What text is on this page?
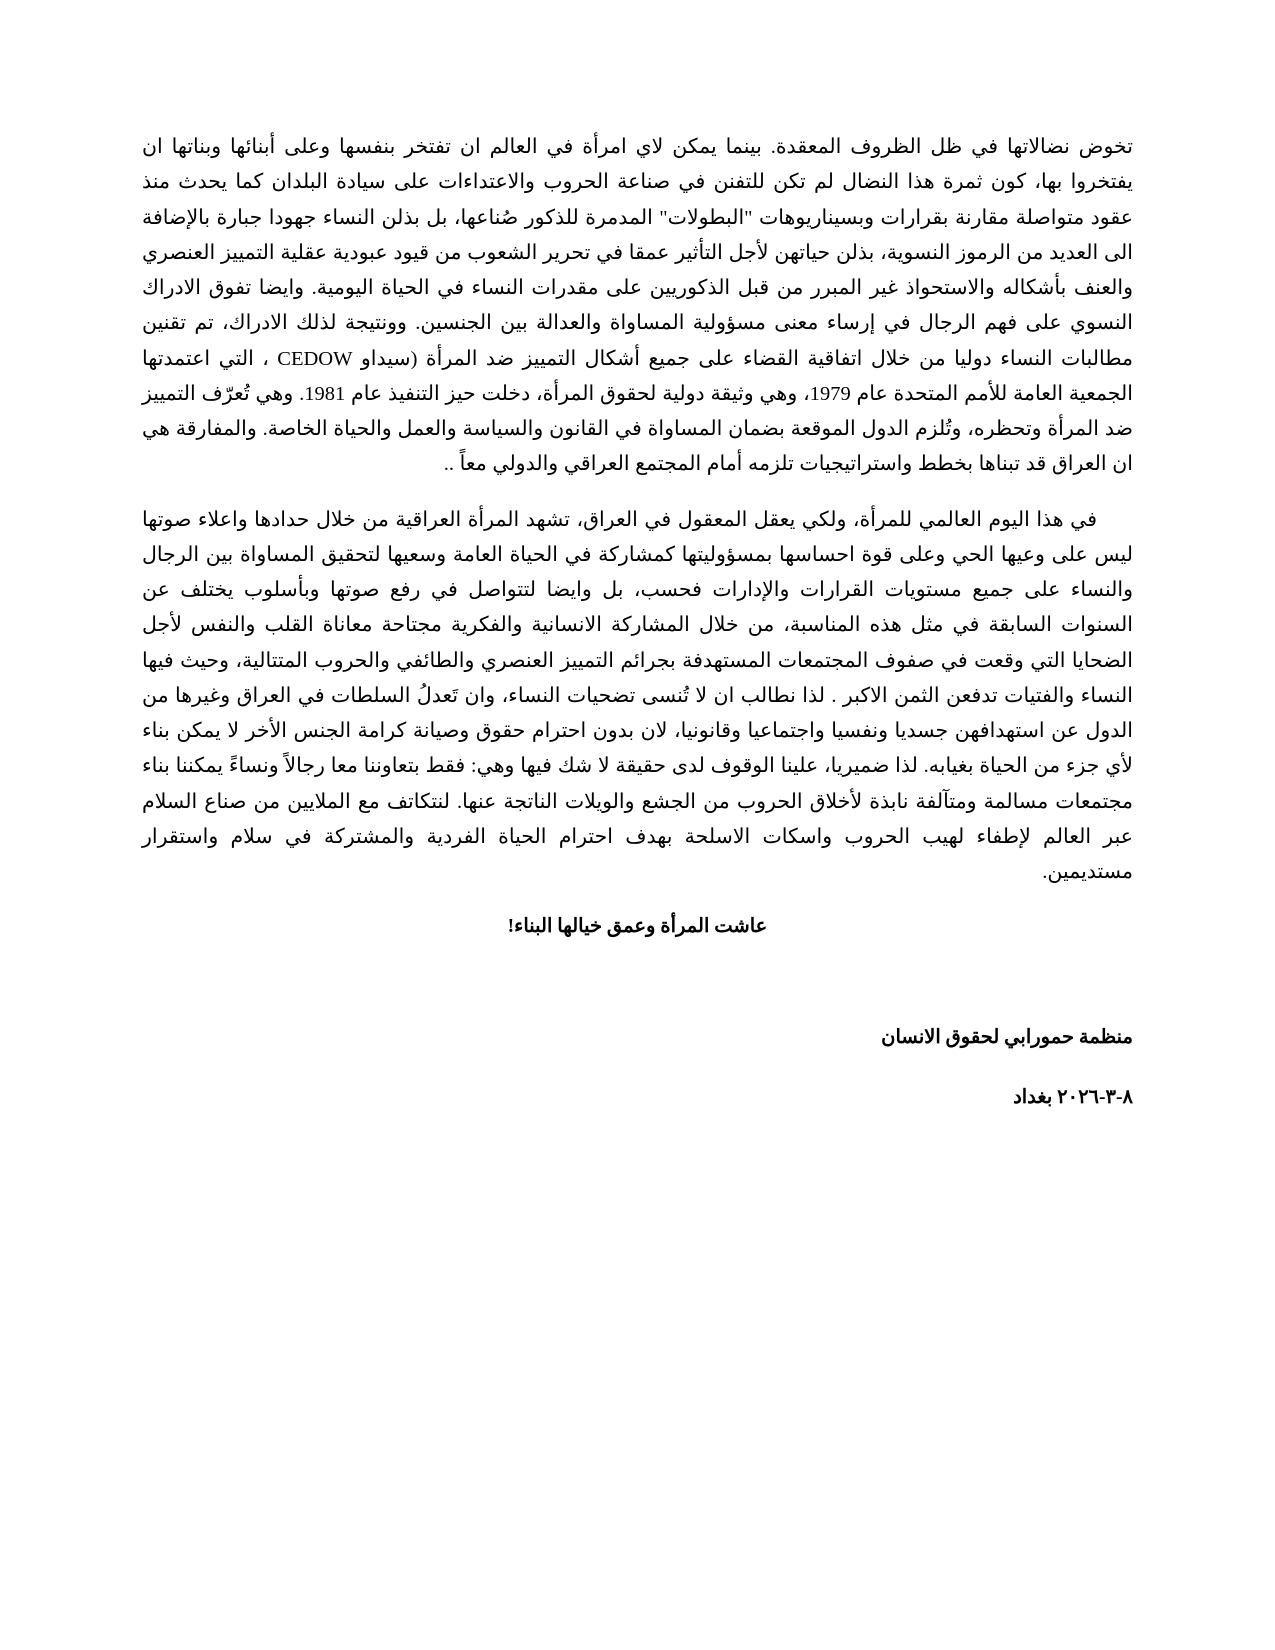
تخوض نضالاتها في ظل الظروف المعقدة. بينما يمكن لاي امرأة في العالم ان تفتخر بنفسها وعلى أبنائها وبناتها ان يفتخروا بها، كون ثمرة هذا النضال لم تكن للتفنن في صناعة الحروب والاعتداءات على سيادة البلدان كما يحدث منذ عقود متواصلة مقارنة بقرارات وبسيناريوهات "البطولات" المدمرة للذكور صُناعها، بل بذلن النساء جهودا جبارة بالإضافة الى العديد من الرموز النسوية، بذلن حياتهن لأجل التأثير عمقا في تحرير الشعوب من قيود عبودية عقلية التمييز العنصري والعنف بأشكاله والاستحواذ غير المبرر من قبل الذكوريين على مقدرات النساء في الحياة اليومية. وايضا تفوق الادراك النسوي على فهم الرجال في إرساء معنى مسؤولية المساواة والعدالة بين الجنسين. وونتيجة لذلك الادراك، تم تقنين مطالبات النساء دوليا من خلال اتفاقية القضاء على جميع أشكال التمييز ضد المرأة (سيداو CEDOW ، التي اعتمدتها الجمعية العامة للأمم المتحدة عام 1979، وهي وثيقة دولية لحقوق المرأة، دخلت حيز التنفيذ عام 1981. وهي تُعرّف التمييز ضد المرأة وتحظره، وتُلزم الدول الموقعة بضمان المساواة في القانون والسياسة والعمل والحياة الخاصة. والمفارقة هي ان العراق قد تبناها بخطط واستراتيجيات تلزمه أمام المجتمع العراقي والدولي معاً ..

في هذا اليوم العالمي للمرأة، ولكي يعقل المعقول في العراق، تشهد المرأة العراقية من خلال حدادها واعلاء صوتها ليس على وعيها الحي وعلى قوة احساسها بمسؤوليتها كمشاركة في الحياة العامة وسعيها لتحقيق المساواة بين الرجال والنساء على جميع مستويات القرارات والإدارات فحسب، بل وايضا لتتواصل في رفع صوتها وبأسلوب يختلف عن السنوات السابقة في مثل هذه المناسبة، من خلال المشاركة الانسانية والفكرية مجتاحة معاناة القلب والنفس لأجل الضحايا التي وقعت في صفوف المجتمعات المستهدفة بجرائم التمييز العنصري والطائفي والحروب المتتالية، وحيث فيها النساء والفتيات تدفعن الثمن الاكبر . لذا نطالب ان لا تُنسى تضحيات النساء، وان تَعدلُ السلطات في العراق وغيرها من الدول عن استهدافهن جسديا ونفسيا واجتماعيا وقانونيا، لان بدون احترام حقوق وصيانة كرامة الجنس الأخر لا يمكن بناء لأي جزء من الحياة بغيابه. لذا ضميريا، علينا الوقوف لدى حقيقة لا شك فيها وهي: فقط بتعاوننا معا رجالاً ونساءً يمكننا بناء مجتمعات مسالمة ومتآلفة نابذة لأخلاق الحروب من الجشع والويلات الناتجة عنها. لنتكاتف مع الملايين من صناع السلام عبر العالم لإطفاء لهيب الحروب واسكات الاسلحة بهدف احترام الحياة الفردية والمشتركة في سلام واستقرار مستديمين.

عاشت المرأة وعمق خيالها البناء!

منظمة حمورابي لحقوق الانسان

٨-٣-٢٠٢٦ بغداد
